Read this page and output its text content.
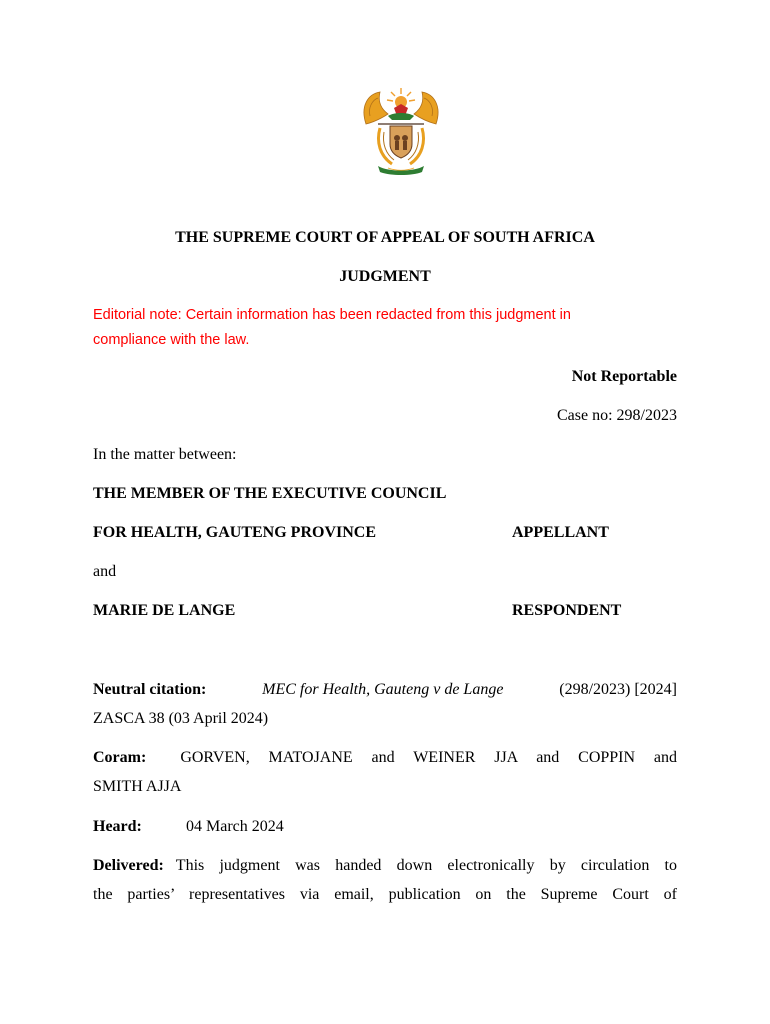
THE SUPREME COURT OF APPEAL OF SOUTH AFRICA
JUDGMENT
Editorial note: Certain information has been redacted from this judgment in
compliance with the law.
Not Reportable
Case no: 298/2023
In the matter between:
THE MEMBER OF THE EXECUTIVE COUNCIL
FOR HEALTH, GAUTENG PROVINCE	APPELLANT
and
MARIE DE LANGE	RESPONDENT
Neutral citation:	MEC for Health, Gauteng v de Lange	(298/2023) [2024]
ZASCA 38 (03 April 2024)
Coram: GORVEN, MATOJANE and WEINER JJA and COPPIN and
SMITH AJJA
Heard:	04 March 2024
Delivered: This judgment was handed down electronically by circulation to
the parties’ representatives via email, publication on the Supreme Court of
